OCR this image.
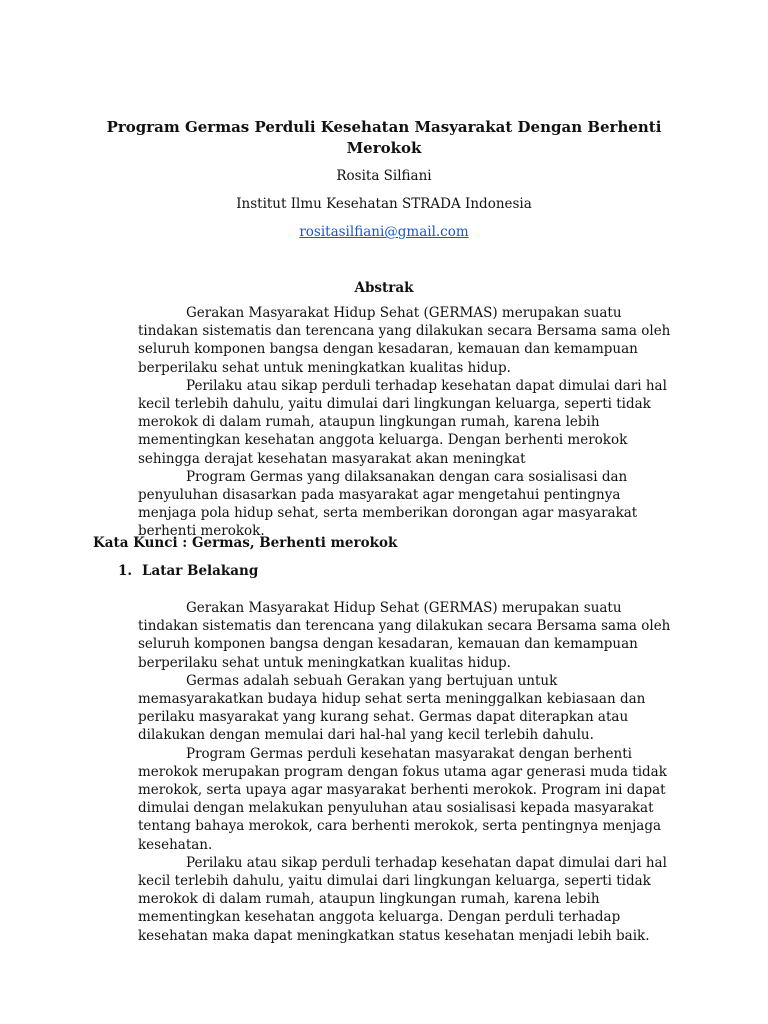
Program Germas Perduli Kesehatan Masyarakat Dengan Berhenti Merokok
Rosita Silfiani
Institut Ilmu Kesehatan STRADA Indonesia
rositasilfiani@gmail.com
Abstrak

Gerakan Masyarakat Hidup Sehat (GERMAS) merupakan suatu tindakan sistematis dan terencana yang dilakukan secara Bersama sama oleh seluruh komponen bangsa dengan kesadaran, kemauan dan kemampuan berperilaku sehat untuk meningkatkan kualitas hidup.

Perilaku atau sikap perduli terhadap kesehatan dapat dimulai dari hal kecil terlebih dahulu, yaitu dimulai dari lingkungan keluarga, seperti tidak merokok di dalam rumah, ataupun lingkungan rumah, karena lebih mementingkan kesehatan anggota keluarga. Dengan berhenti merokok sehingga derajat kesehatan masyarakat akan meningkat

Program Germas yang dilaksanakan dengan cara sosialisasi dan penyuluhan disasarkan pada masyarakat agar mengetahui pentingnya menjaga pola hidup sehat, serta memberikan dorongan agar masyarakat berhenti merokok.

Kata Kunci : Germas, Berhenti merokok
1. Latar Belakang

Gerakan Masyarakat Hidup Sehat (GERMAS) merupakan suatu tindakan sistematis dan terencana yang dilakukan secara Bersama sama oleh seluruh komponen bangsa dengan kesadaran, kemauan dan kemampuan berperilaku sehat untuk meningkatkan kualitas hidup.

Germas adalah sebuah Gerakan yang bertujuan untuk memasyarakatkan budaya hidup sehat serta meninggalkan kebiasaan dan perilaku masyarakat yang kurang sehat. Germas dapat diterapkan atau dilakukan dengan memulai dari hal-hal yang kecil terlebih dahulu.

Program Germas perduli kesehatan masyarakat dengan berhenti merokok merupakan program dengan fokus utama agar generasi muda tidak merokok, serta upaya agar masyarakat berhenti merokok. Program ini dapat dimulai dengan melakukan penyuluhan atau sosialisasi kepada masyarakat tentang bahaya merokok, cara berhenti merokok, serta pentingnya menjaga kesehatan.

Perilaku atau sikap perduli terhadap kesehatan dapat dimulai dari hal kecil terlebih dahulu, yaitu dimulai dari lingkungan keluarga, seperti tidak merokok di dalam rumah, ataupun lingkungan rumah, karena lebih mementingkan kesehatan anggota keluarga. Dengan perduli terhadap kesehatan maka dapat meningkatkan status kesehatan menjadi lebih baik.
